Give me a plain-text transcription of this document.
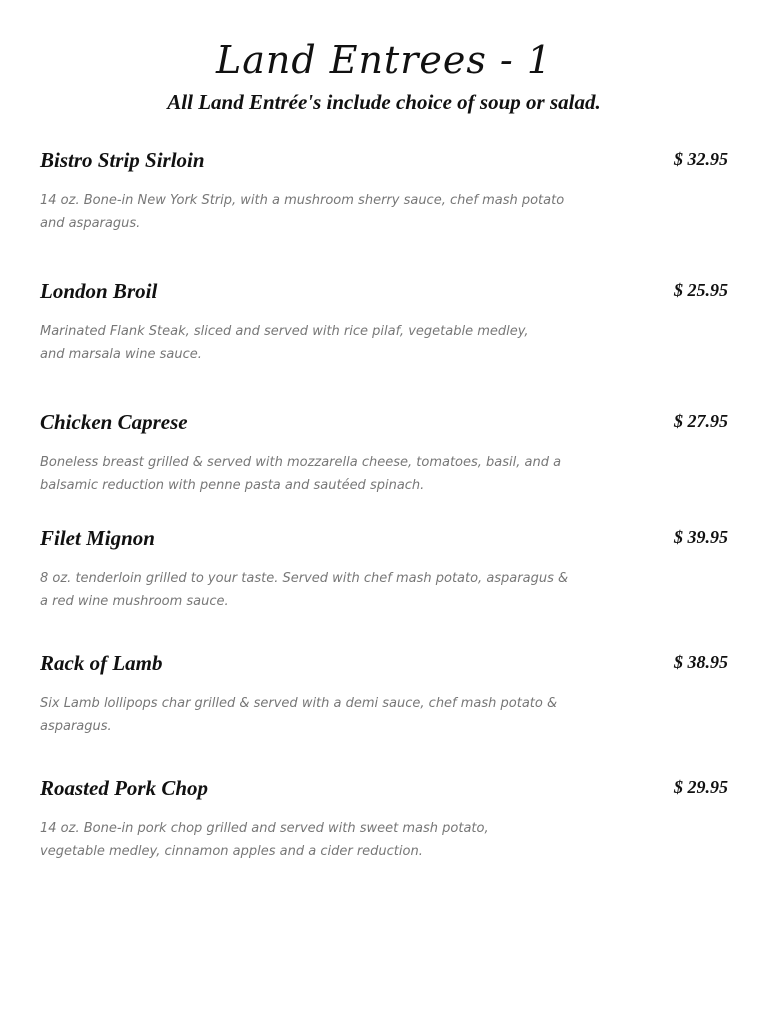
Land Entrees - 1
All Land Entrée's include choice of soup or salad.
Bistro Strip Sirloin	$ 32.95
14 oz. Bone-in New York Strip, with a mushroom sherry sauce, chef mash potato
and asparagus.
London Broil	$ 25.95
Marinated Flank Steak, sliced and served with rice pilaf, vegetable medley,
and marsala wine sauce.
Chicken Caprese	$ 27.95
Boneless breast grilled & served with mozzarella cheese, tomatoes, basil, and a
balsamic reduction with penne pasta and sautéed spinach.
Filet Mignon	$ 39.95
8 oz. tenderloin grilled to your taste. Served with chef mash potato, asparagus &
a red wine mushroom sauce.
Rack of Lamb	$ 38.95
Six Lamb lollipops char grilled & served with a demi sauce, chef mash potato &
asparagus.
Roasted Pork Chop	$ 29.95
14 oz. Bone-in pork chop grilled and served with sweet mash potato,
vegetable medley, cinnamon apples and a cider reduction.
